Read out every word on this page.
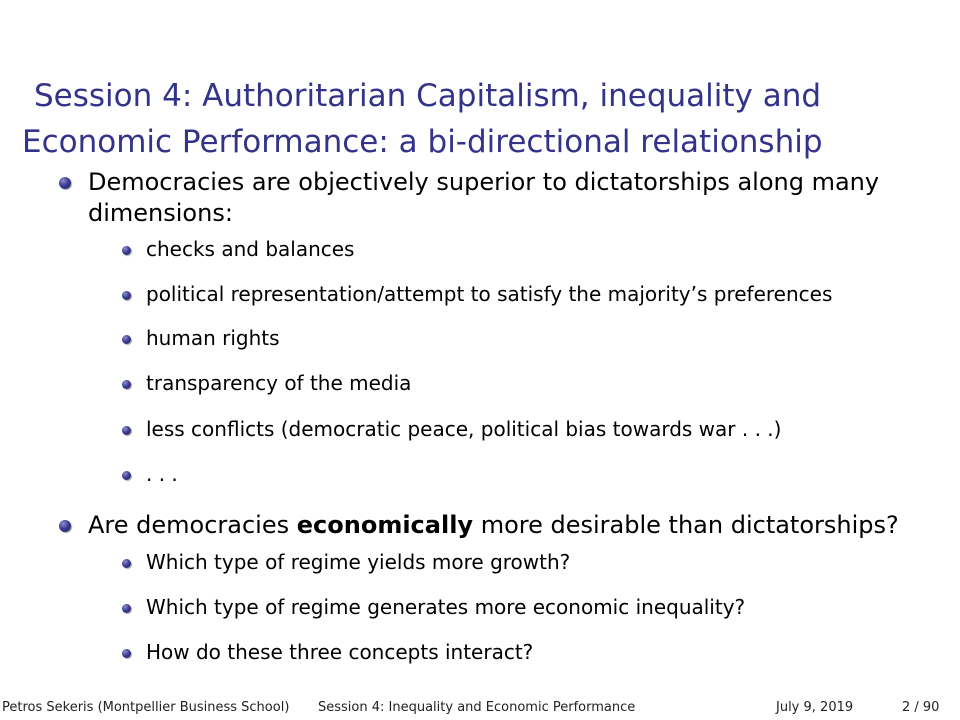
Session 4: Authoritarian Capitalism, inequality and
Economic Performance: a bi-directional relationship
Democracies are objectively superior to dictatorships along many
dimensions:
checks and balances
political representation/attempt to satisfy the majority’s preferences
human rights
transparency of the media
less conflicts (democratic peace, political bias towards war . . .)
. . .
Are democracies economically more desirable than dictatorships?
Which type of regime yields more growth?
Which type of regime generates more economic inequality?
How do these three concepts interact?
Petros Sekeris (Montpellier Business School) Session 4: Inequality and Economic Performance	July 9, 2019	2 / 90
